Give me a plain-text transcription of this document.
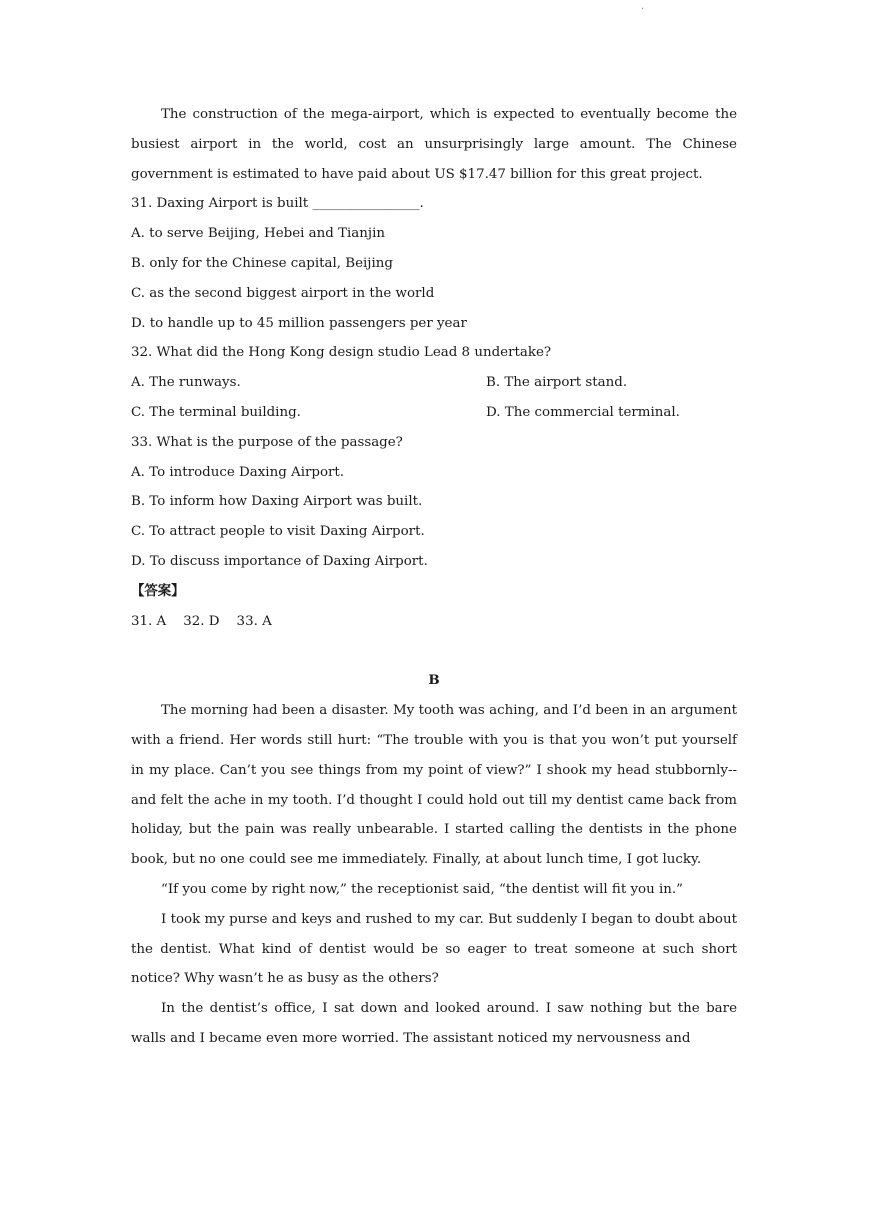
·

The construction of the mega-airport, which is expected to eventually become the busiest airport in the world, cost an unsurprisingly large amount. The Chinese government is estimated to have paid about US $17.47 billion for this great project.

31. Daxing Airport is built ________________.

A. to serve Beijing, Hebei and Tianjin

B. only for the Chinese capital, Beijing

C. as the second biggest airport in the world

D. to handle up to 45 million passengers per year

32. What did the Hong Kong design studio Lead 8 undertake?

A. The runways.	B. The airport stand.
C. The terminal building.	D. The commercial terminal.

33. What is the purpose of the passage?

A. To introduce Daxing Airport.

B. To inform how Daxing Airport was built.

C. To attract people to visit Daxing Airport.

D. To discuss importance of Daxing Airport.

【答案】

31. A    32. D    33. A

B

The morning had been a disaster. My tooth was aching, and I’d been in an argument with a friend. Her words still hurt: “The trouble with you is that you won’t put yourself in my place. Can’t you see things from my point of view?” I shook my head stubbornly--and felt the ache in my tooth. I’d thought I could hold out till my dentist came back from holiday, but the pain was really unbearable. I started calling the dentists in the phone book, but no one could see me immediately. Finally, at about lunch time, I got lucky.

“If you come by right now,” the receptionist said, “the dentist will fit you in.”

I took my purse and keys and rushed to my car. But suddenly I began to doubt about the dentist. What kind of dentist would be so eager to treat someone at such short notice? Why wasn’t he as busy as the others?

In the dentist’s office, I sat down and looked around. I saw nothing but the bare walls and I became even more worried. The assistant noticed my nervousness and
